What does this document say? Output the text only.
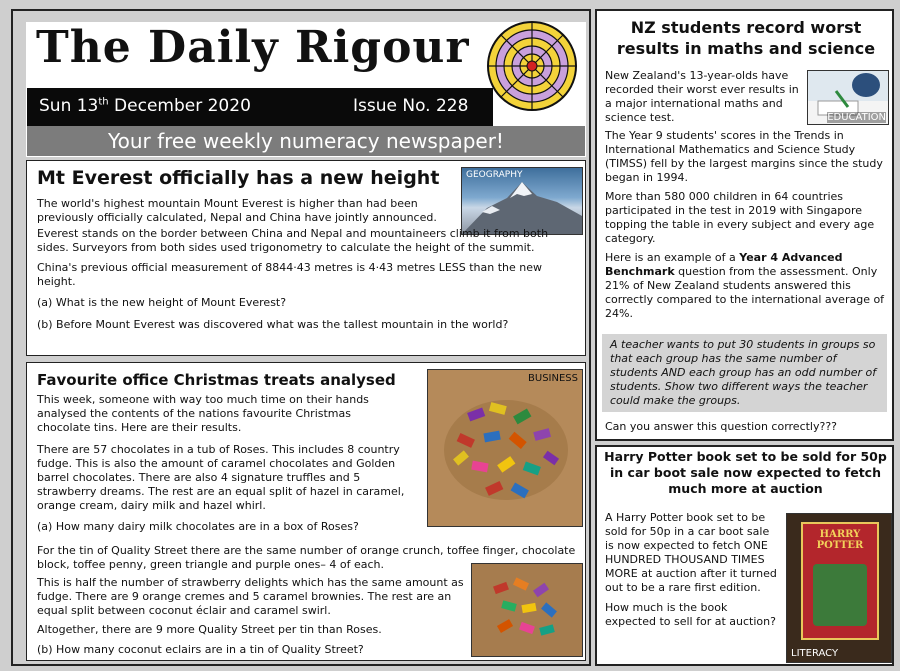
The Daily Rigour
Sun 13th December 2020	Issue No. 228
Your free weekly numeracy newspaper!
Mt Everest officially has a new height	GEOGRAPHY

The world's highest mountain Mount Everest is higher than had been previously officially calculated, Nepal and China have jointly announced.

Everest stands on the border between China and Nepal and mountaineers climb it from both sides. Surveyors from both sides used trigonometry to calculate the height of the summit.

China's previous official measurement of 8844·43 metres is 4·43 metres LESS than the new height.

(a) What is the new height of Mount Everest?

(b) Before Mount Everest was discovered what was the tallest mountain in the world?

Favourite office Christmas treats analysed	BUSINESS

This week, someone with way too much time on their hands analysed the contents of the nations favourite Christmas chocolate tins. Here are their results.

There are 57 chocolates in a tub of Roses. This includes 8 country fudge. This is also the amount of caramel chocolates and Golden barrel chocolates. There are also 4 signature truffles and 5 strawberry dreams. The rest are an equal split of hazel in caramel, orange cream, dairy milk and hazel whirl.

(a) How many dairy milk chocolates are in a box of Roses?

For the tin of Quality Street there are the same number of orange crunch, toffee finger, chocolate block, toffee penny, green triangle and purple ones– 4 of each.

This is half the number of strawberry delights which has the same amount as fudge. There are 9 orange cremes and 5 caramel brownies. The rest are an equal split between coconut éclair and caramel swirl.

Altogether, there are 9 more Quality Street per tin than Roses.

(b) How many coconut eclairs are in a tin of Quality Street?

NZ students record worst results in maths and science
EDUCATION

New Zealand's 13-year-olds have recorded their worst ever results in a major international maths and science test.

The Year 9 students' scores in the Trends in International Mathematics and Science Study (TIMSS) fell by the largest margins since the study began in 1994.

More than 580 000 children in 64 countries participated in the test in 2019 with Singapore topping the table in every subject and every age category.

Here is an example of a Year 4 Advanced Benchmark question from the assessment. Only 21% of New Zealand students answered this correctly compared to the international average of 24%.

A teacher wants to put 30 students in groups so that each group has the same number of students AND each group has an odd number of students. Show two different ways the teacher could make the groups.

Can you answer this question correctly???

Harry Potter book set to be sold for 50p in car boot sale now expected to fetch much more at auction

A Harry Potter book set to be sold for 50p in a car boot sale is now expected to fetch ONE HUNDRED THOUSAND TIMES MORE at auction after it turned out to be a rare first edition.

How much is the book expected to sell for at auction?

HARRY POTTER
LITERACY
